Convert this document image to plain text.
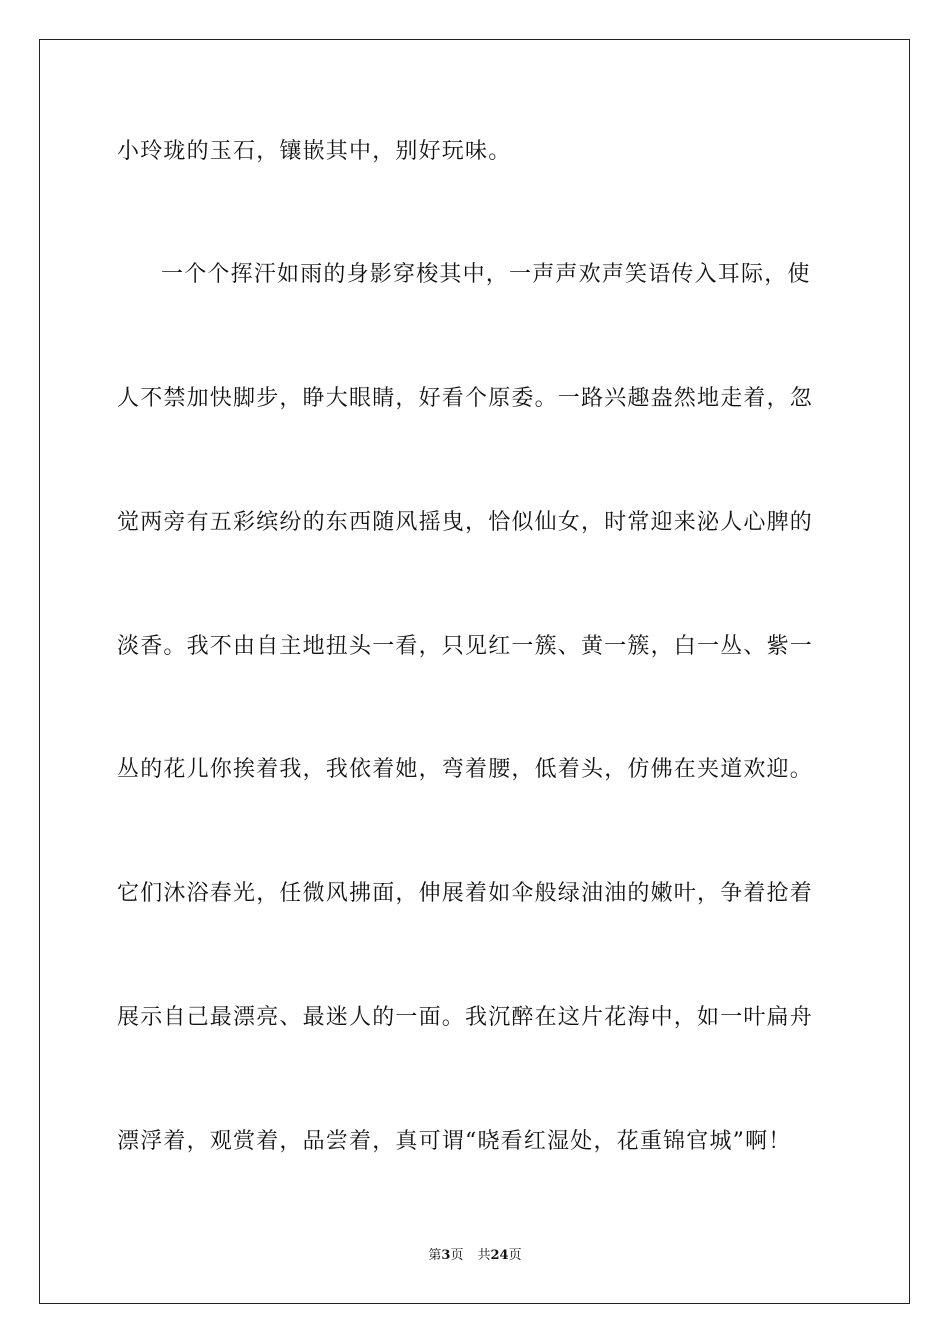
小玲珑的玉石，镶嵌其中，别好玩味。
一个个挥汗如雨的身影穿梭其中，一声声欢声笑语传入耳际，使
人不禁加快脚步，睁大眼睛，好看个原委。一路兴趣盎然地走着，忽
觉两旁有五彩缤纷的东西随风摇曳，恰似仙女，时常迎来泌人心脾的
淡香。我不由自主地扭头一看，只见红一簇、黄一簇，白一丛、紫一
丛的花儿你挨着我，我依着她，弯着腰，低着头，仿佛在夹道欢迎。
它们沐浴春光，任微风拂面，伸展着如伞般绿油油的嫩叶，争着抢着
展示自己最漂亮、最迷人的一面。我沉醉在这片花海中，如一叶扁舟
漂浮着，观赏着，品尝着，真可谓“晓看红湿处，花重锦官城”啊！
第3页 共24页
